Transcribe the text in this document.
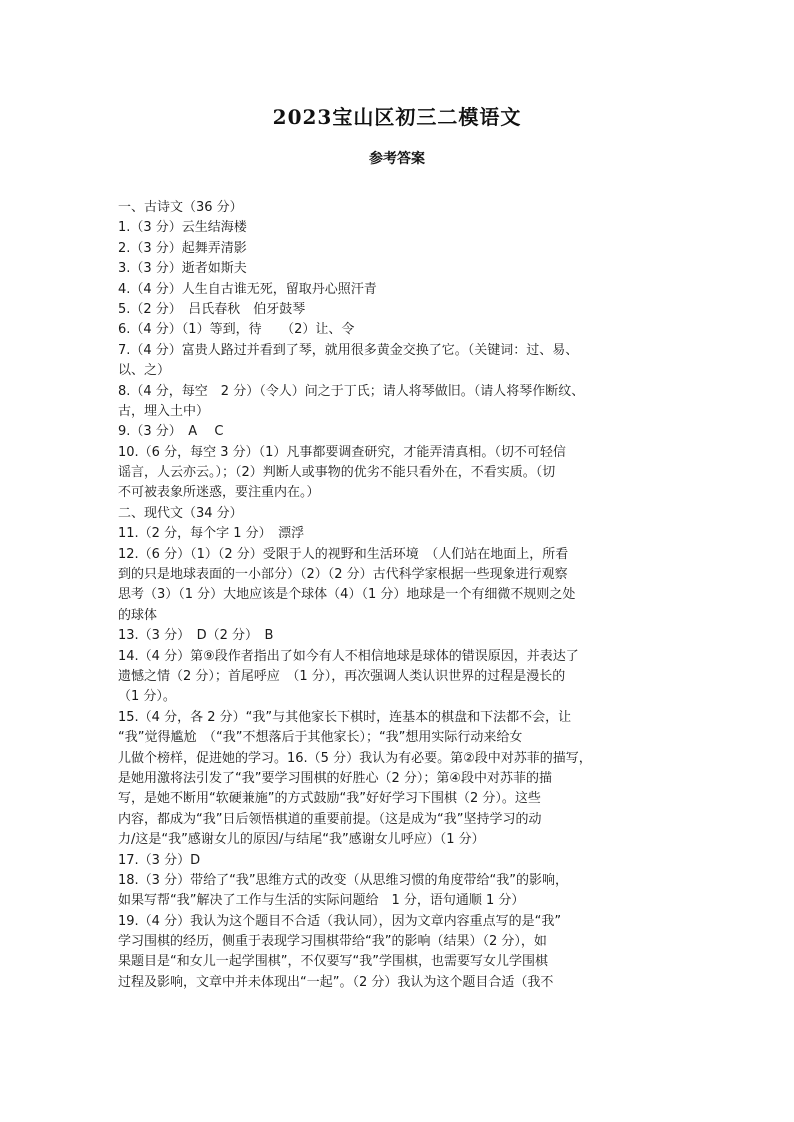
2023宝山区初三二模语文
参考答案
一、古诗文（36 分）
1.（3 分）云生结海楼
2.（3 分）起舞弄清影
3.（3 分）逝者如斯夫
4.（4 分）人生自古谁无死，留取丹心照汗青
5.（2 分）　吕氏春秋　伯牙鼓琴
6.（4 分）（1）等到，待　　（2）让、令
7.（4 分）富贵人路过并看到了琴，就用很多黄金交换了它。（关键词：过、易、
以、之）
8.（4 分，每空　2 分）（令人）问之于丁氏；请人将琴做旧。（请人将琴作断纹、
古，埋入土中）
9.（3 分）　A　 C
10.（6 分，每空 3 分）（1）凡事都要调查研究，才能弄清真相。（切不可轻信
谣言，人云亦云。）；（2）判断人或事物的优劣不能只看外在，不看实质。（切
不可被表象所迷惑，要注重内在。）
二、现代文（34 分）
11.（2 分，每个字 1 分）　漂浮
12.（6 分）（1）（2 分）受限于人的视野和生活环境　（人们站在地面上，所看
到的只是地球表面的一小部分）（2）（2 分）古代科学家根据一些现象进行观察
思考（3）（1 分）大地应该是个球体（4）（1 分）地球是一个有细微不规则之处
的球体
13.（3 分）　D（2 分）　B
14.（4 分）第⑨段作者指出了如今有人不相信地球是球体的错误原因，并表达了
遗憾之情（2 分）；首尾呼应　（1 分），再次强调人类认识世界的过程是漫长的
（1 分）。
15.（4 分，各 2 分）“我”与其他家长下棋时，连基本的棋盘和下法都不会，让
“我”觉得尴尬　（“我”不想落后于其他家长）；“我”想用实际行动来给女
儿做个榜样，促进她的学习。16.（5 分）我认为有必要。第②段中对苏菲的描写，
是她用激将法引发了“我”要学习围棋的好胜心（2 分）；第④段中对苏菲的描
写，是她不断用“软硬兼施”的方式鼓励“我”好好学习下围棋（2 分）。这些
内容，都成为“我”日后领悟棋道的重要前提。（这是成为“我”坚持学习的动
力/这是“我”感谢女儿的原因/与结尾“我”感谢女儿呼应）（1 分）
17.（3 分）D
18.（3 分）带给了“我”思维方式的改变（从思维习惯的角度带给“我”的影响，
如果写帮“我”解决了工作与生活的实际问题给　1 分，语句通顺 1 分）
19.（4 分）我认为这个题目不合适（我认同），因为文章内容重点写的是“我”
学习围棋的经历，侧重于表现学习围棋带给“我”的影响（结果）（2 分），如
果题目是“和女儿一起学围棋”，不仅要写“我”学围棋，也需要写女儿学围棋
过程及影响，文章中并未体现出“一起”。（2 分）我认为这个题目合适（我不
